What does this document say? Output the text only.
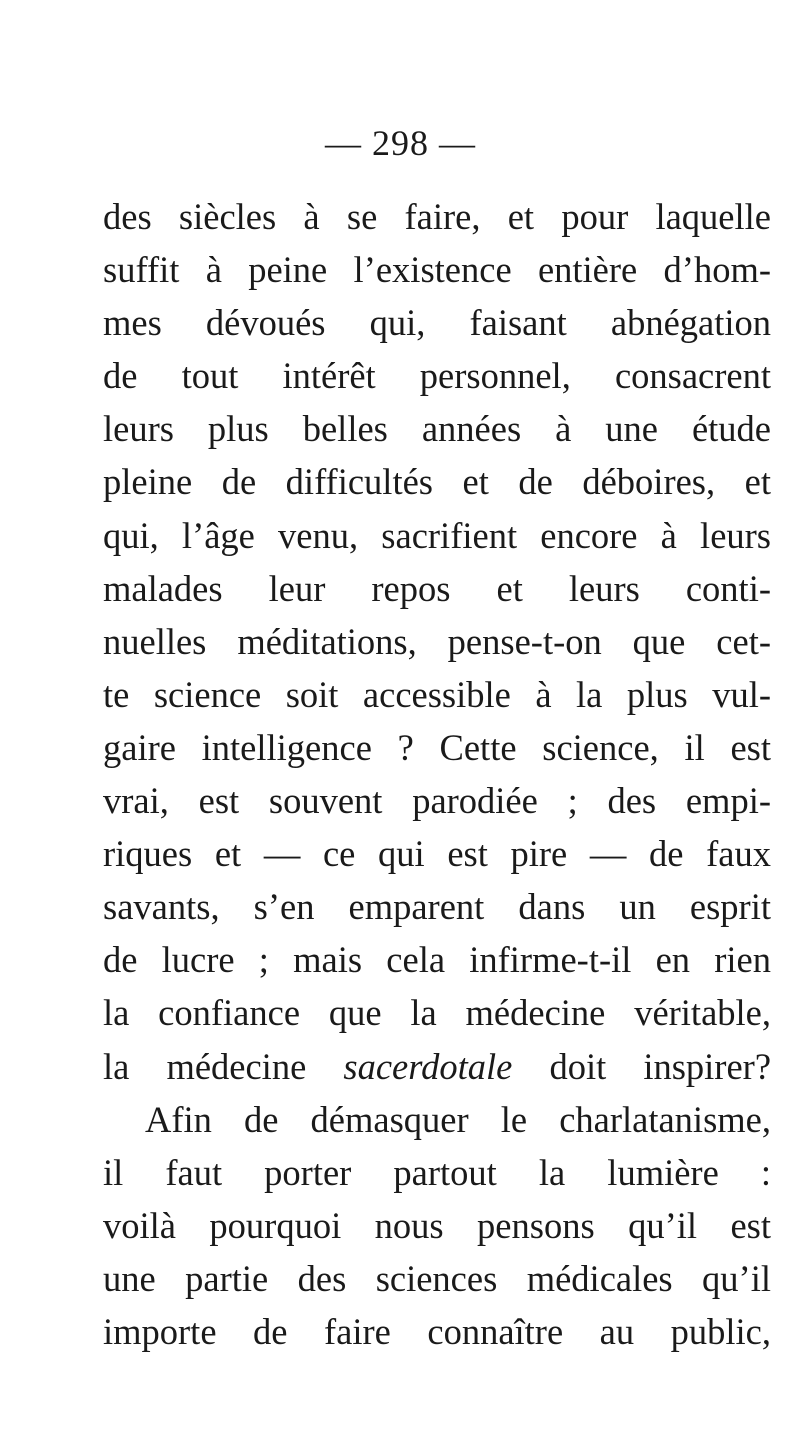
— 298 —
des siècles à se faire, et pour laquelle
suffit à peine l’existence entière d’hom-
mes dévoués qui, faisant abnégation
de tout intérêt personnel, consacrent
leurs plus belles années à une étude
pleine de difficultés et de déboires, et
qui, l’âge venu, sacrifient encore à leurs
malades leur repos et leurs conti-
nuelles méditations, pense-t-on que cet-
te science soit accessible à la plus vul-
gaire intelligence ? Cette science, il est
vrai, est souvent parodiée ; des empi-
riques et — ce qui est pire — de faux
savants, s’en emparent dans un esprit
de lucre ; mais cela infirme-t-il en rien
la confiance que la médecine véritable,
la médecine sacerdotale doit inspirer?
Afin de démasquer le charlatanisme,
il faut porter partout la lumière :
voilà pourquoi nous pensons qu’il est
une partie des sciences médicales qu’il
importe de faire connaître au public,
